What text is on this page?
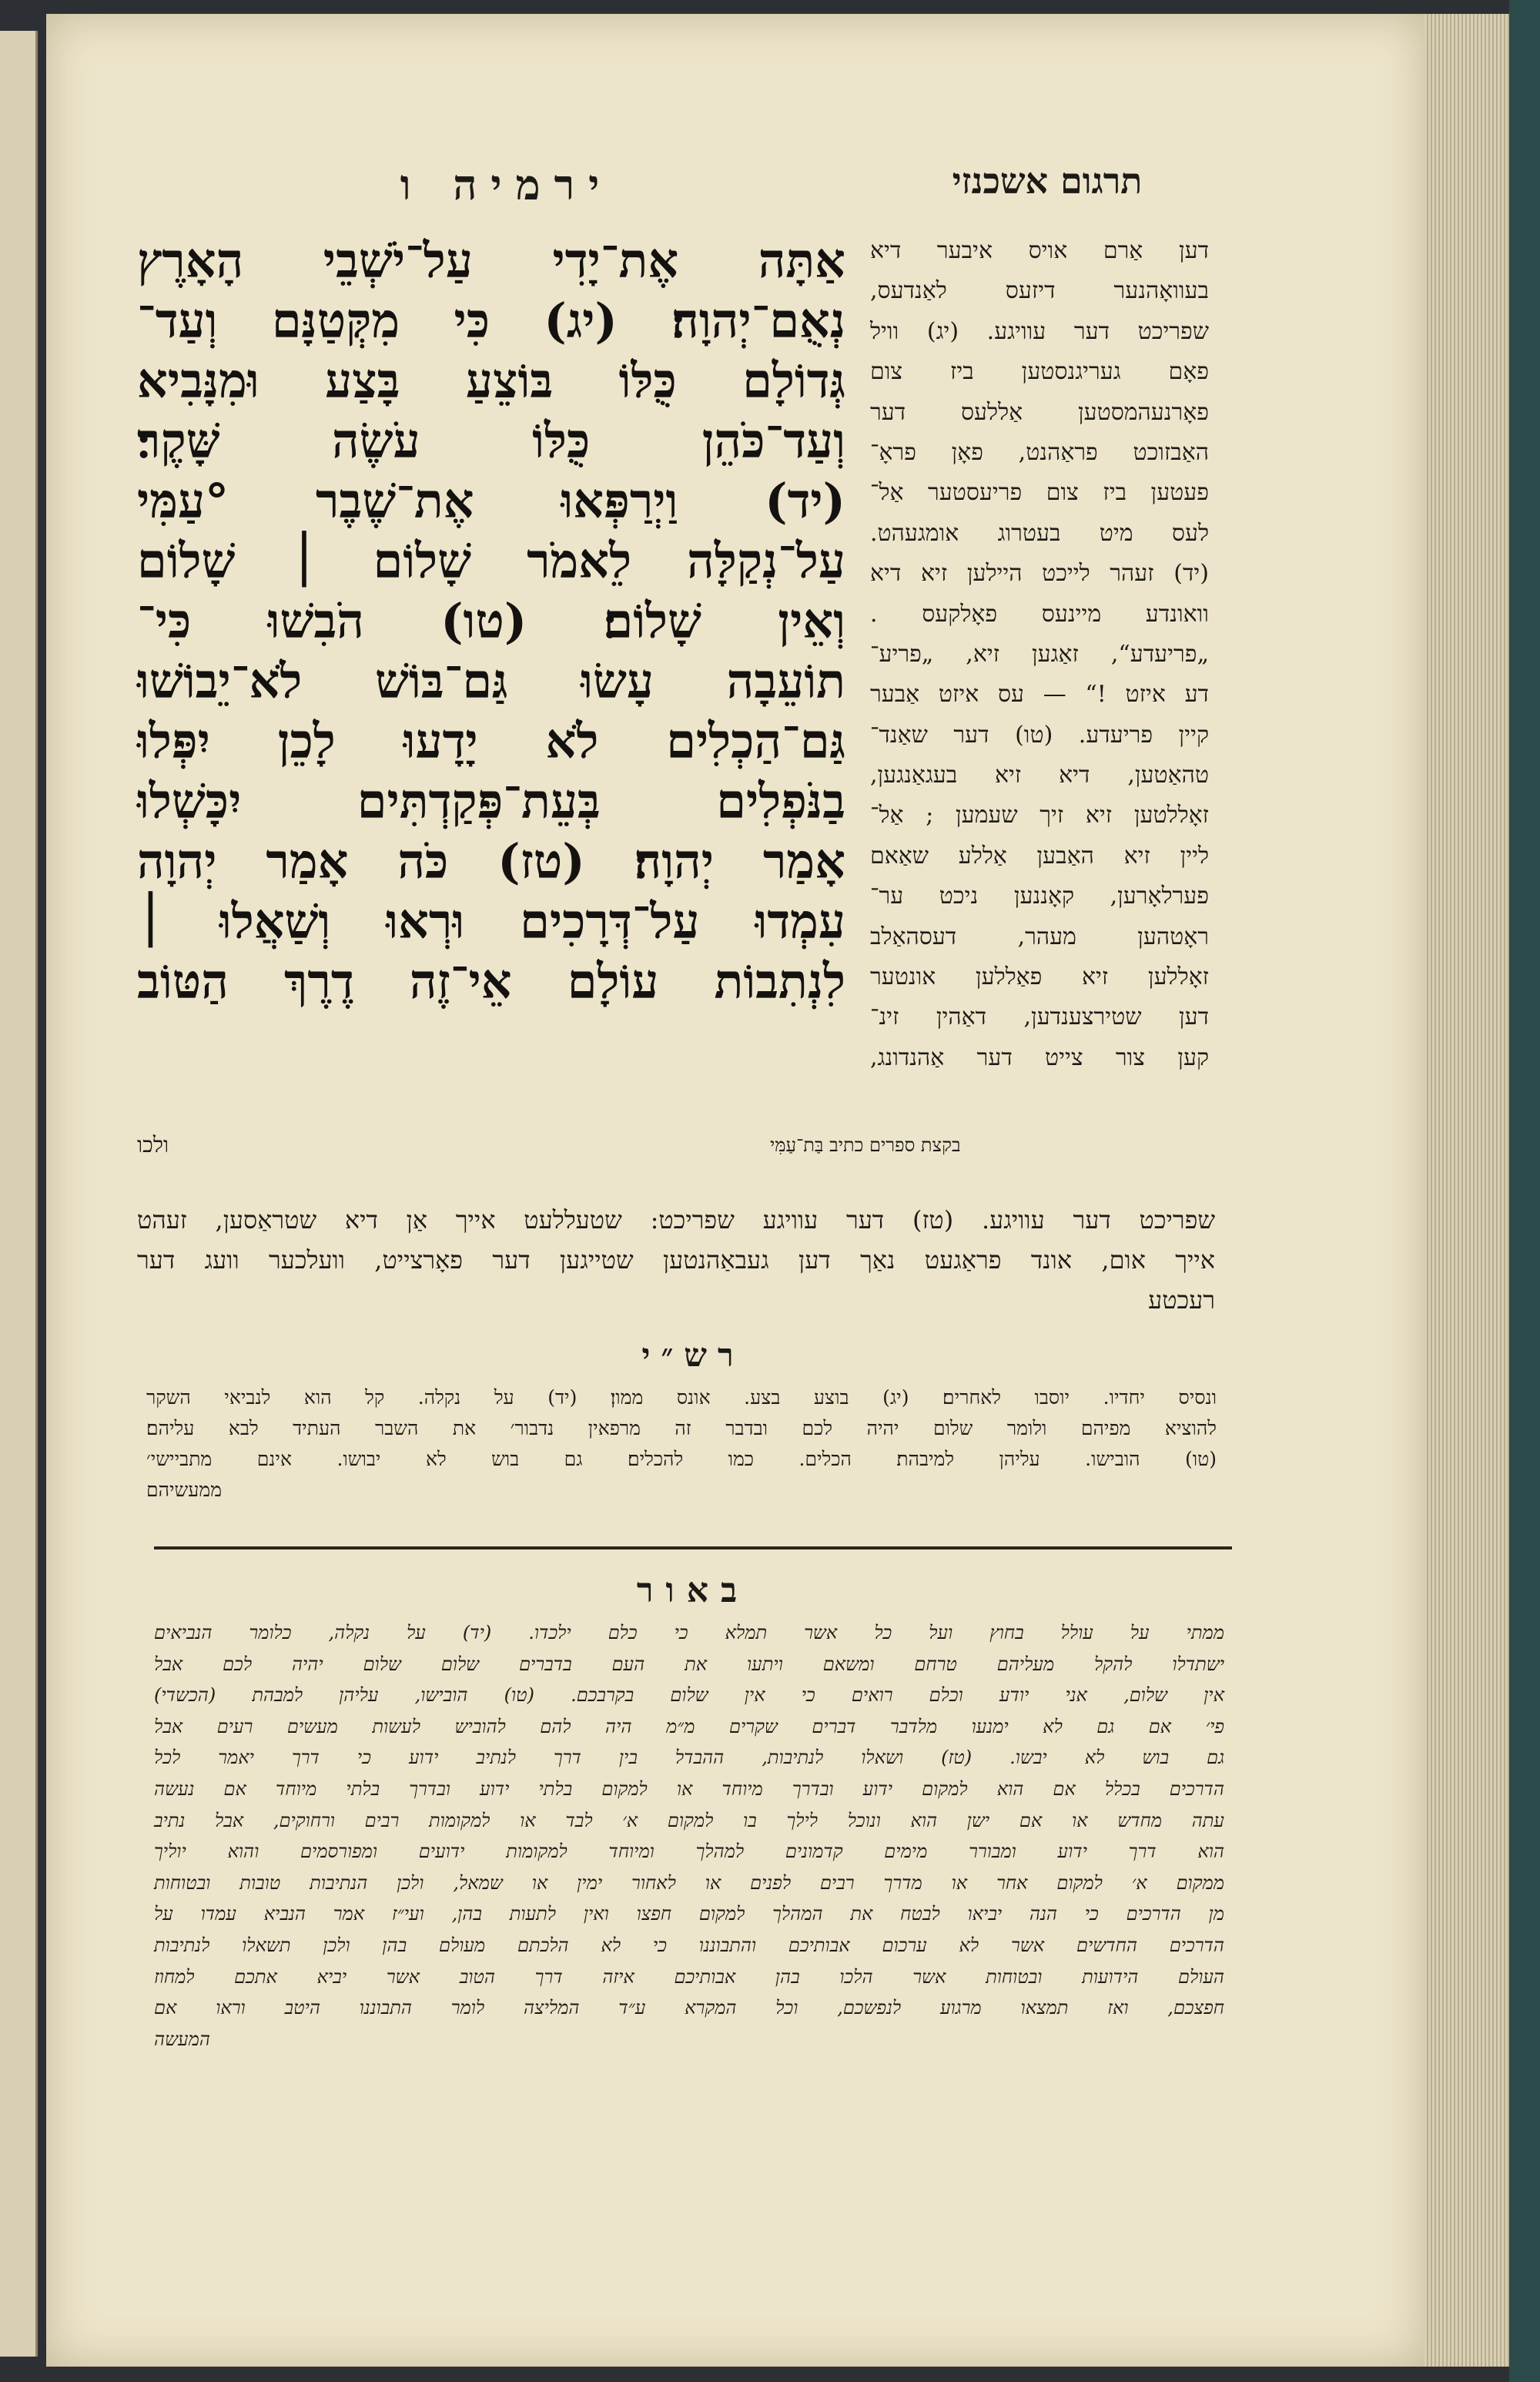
ירמיה ו	תרגום אשכנזי
אַתָּה אֶת־יָדִי עַל־יֹשְׁבֵי הָאָרֶץ
נְאֻם־יְהוָה׃ (יג) כִּי מִקְּטַנָּם וְעַד־
גְּדוֹלָם כֻּלּוֹ בּוֹצֵעַ בָּצַע וּמִנָּבִיא
וְעַד־כֹּהֵן כֻּלּוֹ עֹשֶׂה שָּׁקֶר׃
(יד) וַיְרַפְּאוּ אֶת־שֶׁבֶר °עַמִּי
עַל־נְקַלָּה לֵאמֹר שָׁלוֹם ׀ שָׁלוֹם
וְאֵין שָׁלוֹם׃ (טו) הֹבִשׁוּ כִּי־
תוֹעֵבָה עָשׂוּ גַּם־בּוֹשׁ לֹא־יֵבוֹשׁוּ
גַּם־הַכְלִים לֹא יָדָעוּ לָכֵן יִפְּלוּ
בַנֹּפְלִים בְּעֵת־פְּקַדְתִּים יִכָּשְׁלוּ
אָמַר יְהוָה׃ (טז) כֹּה אָמַר יְהוָה
עִמְדוּ עַל־דְּרָכִים וּרְאוּ וְשַׁאֲלוּ ׀
לִנְתִבוֹת עוֹלָם אֵי־זֶה דֶרֶךְ הַטּוֹב
דען אַרם אויס איבער דיא
בעוואָהנער דיזעס לאַנדעס,
שפריכט דער עוויגע. (יג) וויל
פאָם געריגנסטען ביז צום
פאָרנעהמסטען אַללעס דער
האַבזוכט פראַהנט, פאָן פראָ־
פעטען ביז צום פריעסטער אַל־
לעס מיט בעטרוג אומגעהט.
(יד) זעהר לייכט היילען זיא דיא
וואונדע מיינעס פאָלקעס .
„פריעדע“, זאַגען זיא, „פריע־
דע איזט !“ — עס איזט אַבער
קיין פריעדע. (טו) דער שאַנד־
טהאַטען, דיא זיא בעגאַנגען,
זאָללטען זיא זיך שעמען ; אַל־
ליין זיא האַבען אַללע שאַאם
פערלאָרען, קאָננען ניכט ער־
ראָטהען מעהר, דעסהאַלב
זאָללען זיא פאַללען אונטער
דען שטירצענדען, דאַהין זינ־
קען צור צייט דער אַהנדונג,
בקצת ספרים כתיב בַּת־עַמִּי
ולכו
שפריכט דער עוויגע. (טז) דער עוויגע שפריכט: שטעללעט אייך אַן דיא שטראַסען, זעהט
אייך אום, אונד פראַגעט נאַך דען געבאַהנטען שטייגען דער פאָרצייט, וועלכער וועג דער
רעכטע
רש״י
ונסיס יחדיו. יוסבו לאחרים׃ (יג) בוצע בצע. אונס ממון׃ (יד) על נקלה. קל הוא לנביאי השקר
להוציא מפיהם ולומר שלום יהיה לכם ובדבר זה מרפאין נדבור׳ את השבר העתיד לבא עליהם׃
(טו) הובישו. עליהן למיבהת׃ הכלים. כמו להכלים׃ גם בוש לא יבושו. אינם מתביישי׳
ממעשיהם
באור
ממתי על עולל בחוץ ועל כל אשר תמלא כי כלם ילכדו. (יד) על נקלה, כלומר הנביאים
ישתדלו להקל מעליהם טרחם ומשאם ויתעו את העם בדברים שלום שלום יהיה לכם אבל
אין שלום, אני יודע וכלם רואים כי אין שלום בקרבכם. (טו) הובישו, עליהן למבהת (הכשדי)
פי׳ אם גם לא ימנעו מלדבר דברים שקרים מ״מ היה להם להוביש לעשות מעשים רעים אבל
גם בוש לא יבשו. (טז) ושאלו לנתיבות, ההבדל בין דרך לנתיב ידוע כי דרך יאמר לכל
הדרכים בכלל אם הוא למקום ידוע ובדרך מיוחד או למקום בלתי ידוע ובדרך בלתי מיוחד אם נעשה
עתה מחדש או אם ישן הוא ונוכל לילך בו למקום א׳ לבד או למקומות רבים ורחוקים, אבל נתיב
הוא דרך ידוע ומבורר מימים קדמונים למהלך ומיוחד למקומות ידועים ומפורסמים והוא יוליך
ממקום א׳ למקום אחר או מדרך רבים לפנים או לאחור ימין או שמאל, ולכן הנתיבות טובות ובטוחות
מן הדרכים כי הנה יביאו לבטח את המהלך למקום חפצו ואין לתעות בהן, ועי״ז אמר הנביא עמדו על
הדרכים החדשים אשר לא ערכום אבותיכם והתבוננו כי לא הלכתם מעולם בהן ולכן תשאלו לנתיבות
העולם הידועות ובטוחות אשר הלכו בהן אבותיכם איזה דרך הטוב אשר יביא אתכם למחוז
חפצכם, ואז תמצאו מרגוע לנפשכם, וכל המקרא ע״ד המליצה לומר התבוננו היטב וראו אם
המעשה
